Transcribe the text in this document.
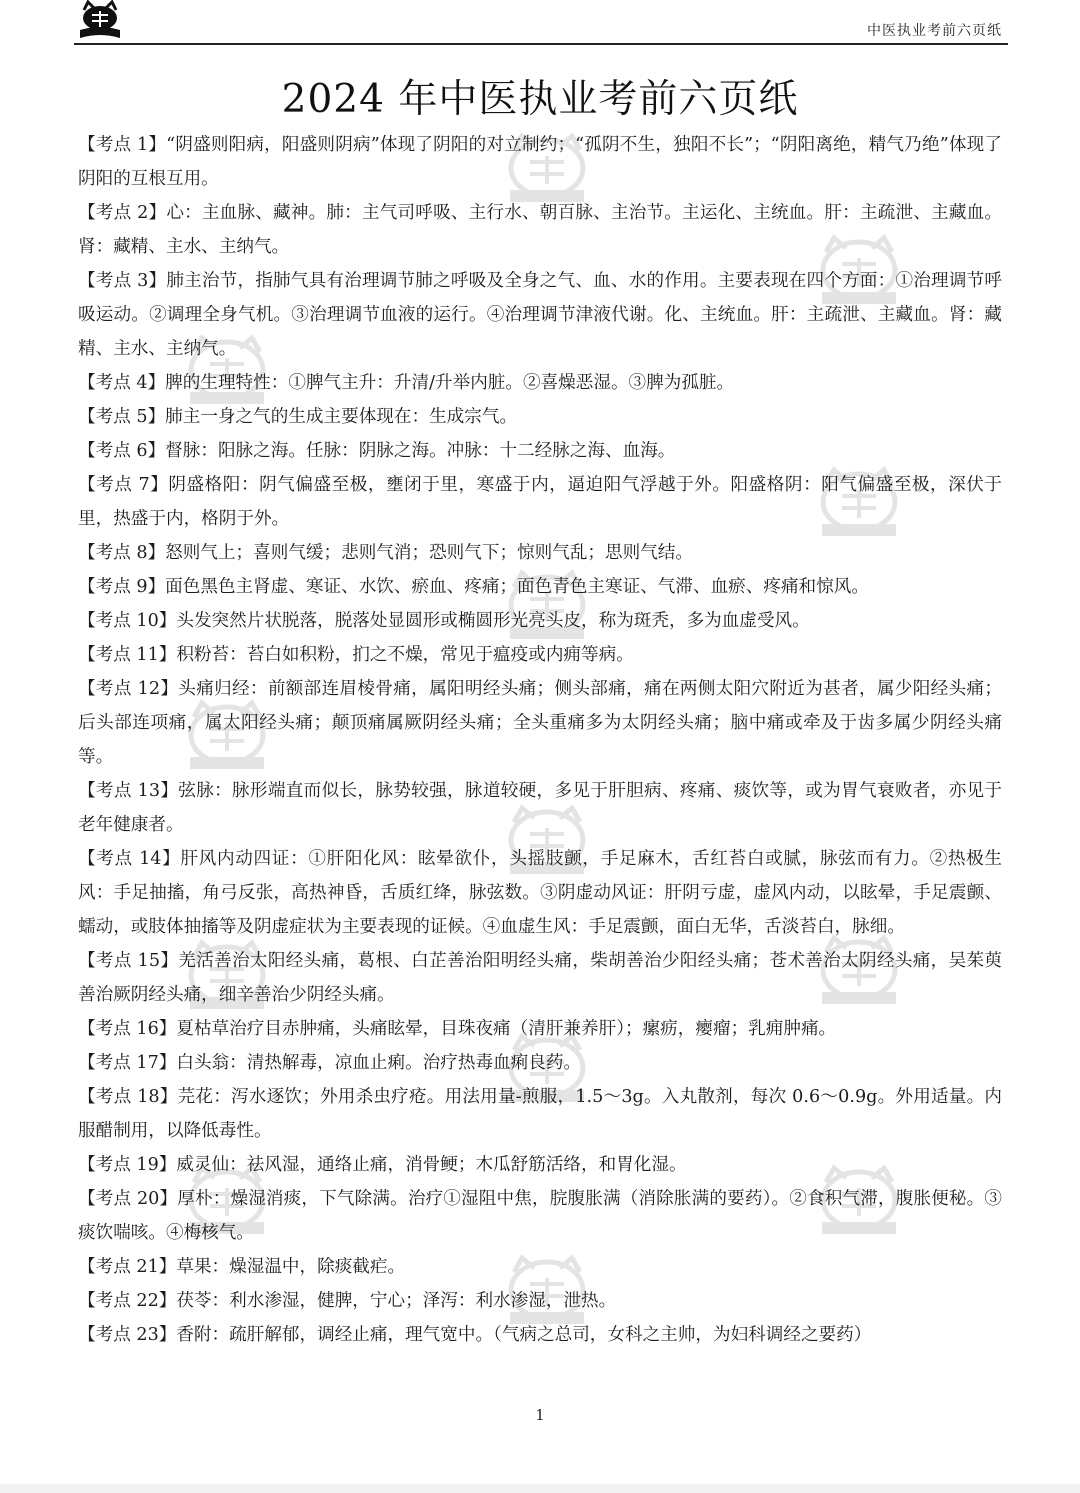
中医执业考前六页纸
2024 年中医执业考前六页纸

【考点 1】“阴盛则阳病，阳盛则阴病”体现了阴阳的对立制约；“孤阴不生，独阳不长”；“阴阳离绝，精气乃绝”体现了阴阳的互根互用。

【考点 2】心：主血脉、藏神。肺：主气司呼吸、主行水、朝百脉、主治节。主运化、主统血。肝：主疏泄、主藏血。肾：藏精、主水、主纳气。

【考点 3】肺主治节，指肺气具有治理调节肺之呼吸及全身之气、血、水的作用。主要表现在四个方面：①治理调节呼吸运动。②调理全身气机。③治理调节血液的运行。④治理调节津液代谢。化、主统血。肝：主疏泄、主藏血。肾：藏精、主水、主纳气。

【考点 4】脾的生理特性：①脾气主升：升清/升举内脏。②喜燥恶湿。③脾为孤脏。

【考点 5】肺主一身之气的生成主要体现在：生成宗气。

【考点 6】督脉：阳脉之海。任脉：阴脉之海。冲脉：十二经脉之海、血海。

【考点 7】阴盛格阳：阴气偏盛至极，壅闭于里，寒盛于内，逼迫阳气浮越于外。阳盛格阴：阳气偏盛至极，深伏于里，热盛于内，格阴于外。

【考点 8】怒则气上；喜则气缓；悲则气消；恐则气下；惊则气乱；思则气结。

【考点 9】面色黑色主肾虚、寒证、水饮、瘀血、疼痛；面色青色主寒证、气滞、血瘀、疼痛和惊风。

【考点 10】头发突然片状脱落，脱落处显圆形或椭圆形光亮头皮，称为斑秃，多为血虚受风。

【考点 11】积粉苔：苔白如积粉，扪之不燥，常见于瘟疫或内痈等病。

【考点 12】头痛归经：前额部连眉棱骨痛，属阳明经头痛；侧头部痛，痛在两侧太阳穴附近为甚者，属少阳经头痛；后头部连项痛，属太阳经头痛；颠顶痛属厥阴经头痛；全头重痛多为太阴经头痛；脑中痛或牵及于齿多属少阴经头痛等。

【考点 13】弦脉：脉形端直而似长，脉势较强，脉道较硬，多见于肝胆病、疼痛、痰饮等，或为胃气衰败者，亦见于老年健康者。

【考点 14】肝风内动四证：①肝阳化风：眩晕欲仆，头摇肢颤，手足麻木，舌红苔白或腻，脉弦而有力。②热极生风：手足抽搐，角弓反张，高热神昏，舌质红绛，脉弦数。③阴虚动风证：肝阴亏虚，虚风内动，以眩晕，手足震颤、蠕动，或肢体抽搐等及阴虚症状为主要表现的证候。④血虚生风：手足震颤，面白无华，舌淡苔白，脉细。

【考点 15】羌活善治太阳经头痛，葛根、白芷善治阳明经头痛，柴胡善治少阳经头痛；苍术善治太阴经头痛，吴茱萸善治厥阴经头痛，细辛善治少阴经头痛。

【考点 16】夏枯草治疗目赤肿痛，头痛眩晕，目珠夜痛（清肝兼养肝）；瘰疬，瘿瘤；乳痈肿痛。

【考点 17】白头翁：清热解毒，凉血止痢。治疗热毒血痢良药。

【考点 18】芫花：泻水逐饮；外用杀虫疗疮。用法用量-煎服，1.5～3g。入丸散剂，每次 0.6～0.9g。外用适量。内服醋制用，以降低毒性。

【考点 19】威灵仙：祛风湿，通络止痛，消骨鲠；木瓜舒筋活络，和胃化湿。

【考点 20】厚朴：燥湿消痰，下气除满。治疗①湿阻中焦，脘腹胀满（消除胀满的要药）。②食积气滞，腹胀便秘。③痰饮喘咳。④梅核气。

【考点 21】草果：燥湿温中，除痰截疟。

【考点 22】茯苓：利水渗湿，健脾，宁心；泽泻：利水渗湿，泄热。

【考点 23】香附：疏肝解郁，调经止痛，理气宽中。（气病之总司，女科之主帅，为妇科调经之要药）

1
